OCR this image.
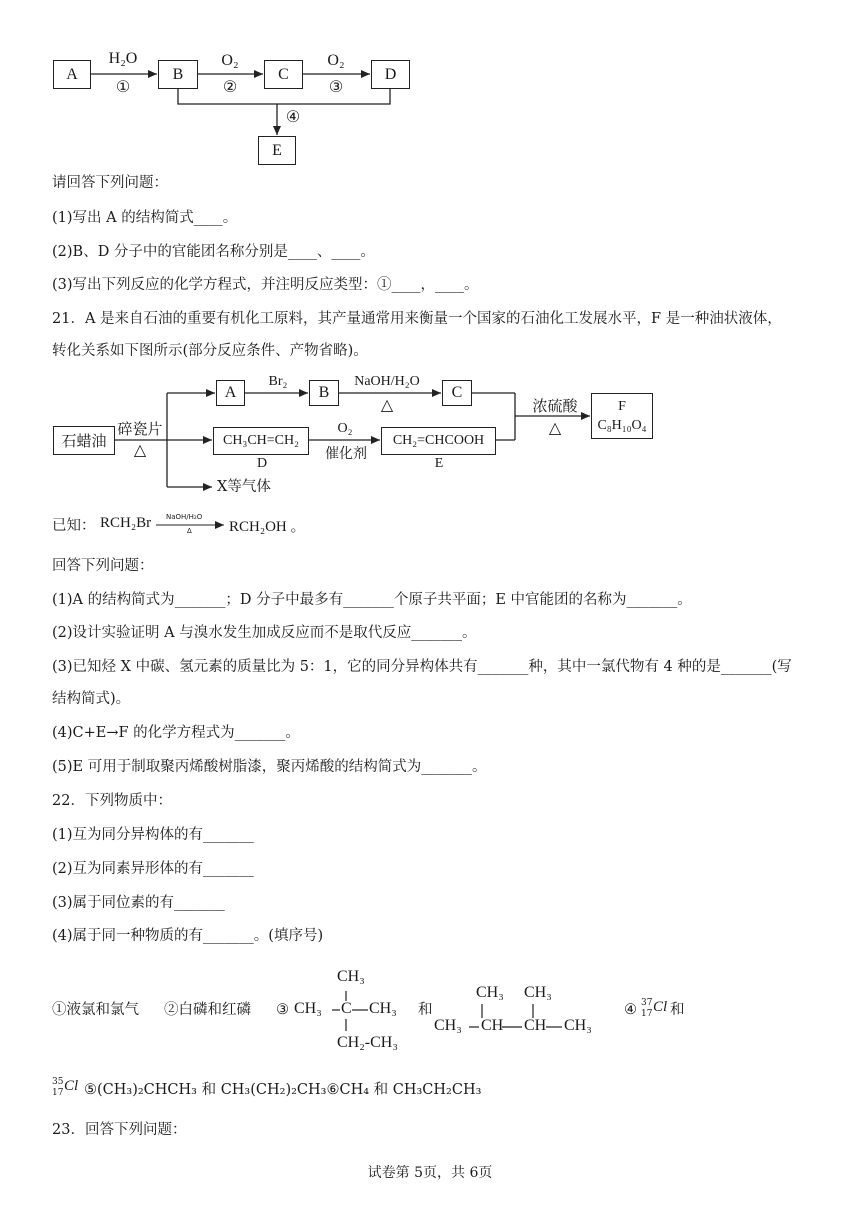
A	B	C	D
E
H₂O
①
O₂
②
O₂
③
④
请回答下列问题：
(1)写出 A 的结构简式____。
(2)B、D 分子中的官能团名称分别是____、____。
(3)写出下列反应的化学方程式，并注明反应类型：①____，____。
21．A 是来自石油的重要有机化工原料，其产量通常用来衡量一个国家的石油化工发展水平，F 是一种油状液体，
转化关系如下图所示(部分反应条件、产物省略)。
石蜡油
碎瓷片
△
A	B	C
CH₃CH=CH₂	CH₂=CHCOOH
F
C₈H₁₀O₄
Br₂	NaOH/H₂O
△
O₂
催化剂
浓硫酸
△
D	E
X等气体
已知： RCH₂Br NaOH/H₂O
Δ RCH₂OH 。
回答下列问题：
(1)A 的结构简式为_______；D 分子中最多有_______个原子共平面；E 中官能团的名称为_______。
(2)设计实验证明 A 与溴水发生加成反应而不是取代反应_______。
(3)已知烃 X 中碳、氢元素的质量比为 5：1，它的同分异构体共有_______种，其中一氯代物有 4 种的是_______(写
结构简式)。
(4)C+E→F 的化学方程式为_______。
(5)E 可用于制取聚丙烯酸树脂漆，聚丙烯酸的结构简式为_______。
22．下列物质中：
(1)互为同分异构体的有_______
(2)互为同素异形体的有_______
(3)属于同位素的有_______
(4)属于同一种物质的有_______。(填序号)
①液氯和氯气 ②白磷和红磷 ③
CH₃
CH₃ C CH₃
CH₂-CH₃
和
CH₃ CH₃
CH₃ CH CH CH₃
④ 37
17 Cl 和
35
17 Cl ⑤(CH₃)₂CHCH₃ 和 CH₃(CH₂)₂CH₃⑥CH₄ 和 CH₃CH₂CH₃
23．回答下列问题：
试卷第 5页，共 6页
